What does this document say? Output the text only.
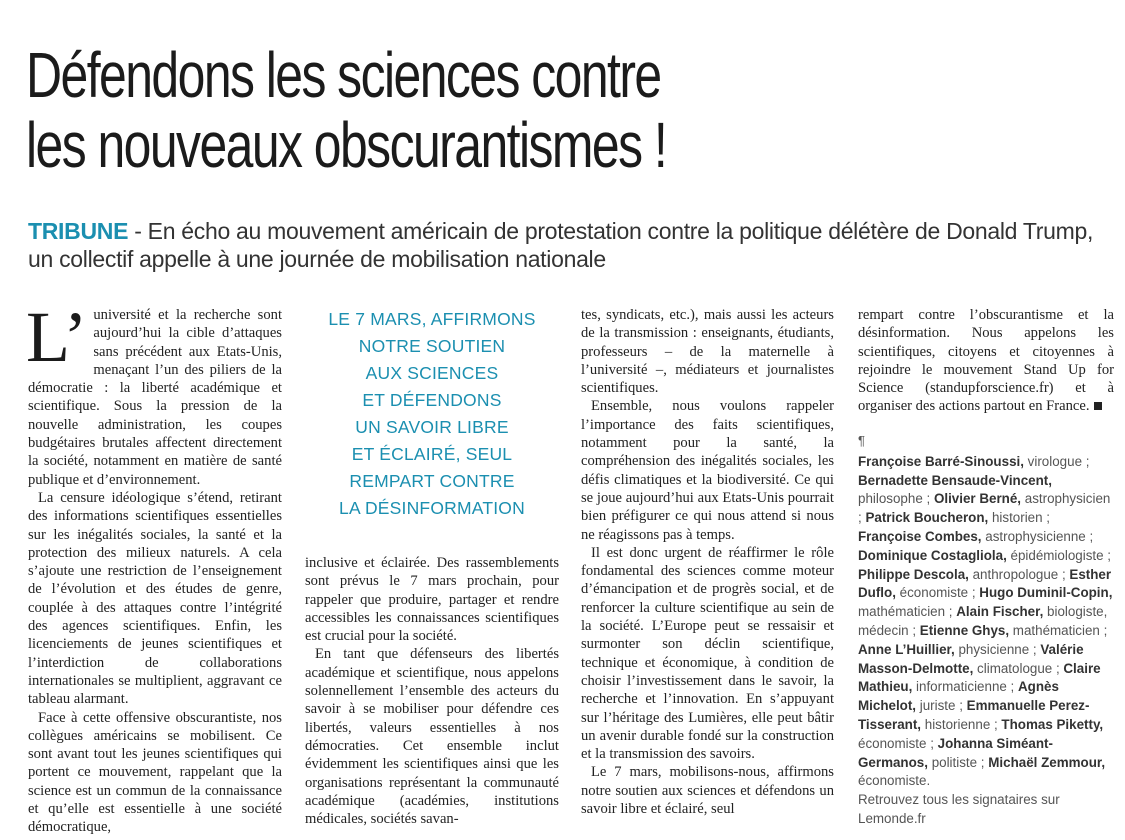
Défendons les sciences contre
les nouveaux obscurantismes !
TRIBUNE - En écho au mouvement américain de protestation contre la politique délétère de Donald Trump, un collectif appelle à une journée de mobilisation nationale
L’ université et la recherche sont aujourd’hui la cible d’attaques sans précédent aux Etats-Unis, menaçant l’un des piliers de la démocratie : la liberté académique et scientifique. Sous la pression de la nouvelle administration, les coupes budgétaires brutales affectent directement la société, notamment en matière de santé publique et d’environnement.

La censure idéologique s’étend, retirant des informations scientifiques essentielles sur les inégalités sociales, la santé et la protection des milieux naturels. A cela s’ajoute une restriction de l’enseignement de l’évolution et des études de genre, couplée à des attaques contre l’intégrité des agences scientifiques. Enfin, les licenciements de jeunes scientifiques et l’interdiction de collaborations internationales se multiplient, aggravant ce tableau alarmant.

Face à cette offensive obscurantiste, nos collègues américains se mobilisent. Ce sont avant tout les jeunes scientifiques qui portent ce mouvement, rappelant que la science est un commun de la connaissance et qu’elle est essentielle à une société démocratique,

LE 7 MARS, AFFIRMONS
NOTRE SOUTIEN
AUX SCIENCES
ET DÉFENDONS
UN SAVOIR LIBRE
ET ÉCLAIRÉ, SEUL
REMPART CONTRE
LA DÉSINFORMATION

inclusive et éclairée. Des rassemblements sont prévus le 7 mars prochain, pour rappeler que produire, partager et rendre accessibles les connaissances scientifiques est crucial pour la société.

En tant que défenseurs des libertés académique et scientifique, nous appelons solennellement l’ensemble des acteurs du savoir à se mobiliser pour défendre ces libertés, valeurs essentielles à nos démocraties. Cet ensemble inclut évidemment les scientifiques ainsi que les organisations représentant la communauté académique (académies, institutions médicales, sociétés savan-

tes, syndicats, etc.), mais aussi les acteurs de la transmission : enseignants, étudiants, professeurs – de la maternelle à l’université –, médiateurs et journalistes scientifiques.

Ensemble, nous voulons rappeler l’importance des faits scientifiques, notamment pour la santé, la compréhension des inégalités sociales, les défis climatiques et la biodiversité. Ce qui se joue aujourd’hui aux Etats-Unis pourrait bien préfigurer ce qui nous attend si nous ne réagissons pas à temps.

Il est donc urgent de réaffirmer le rôle fondamental des sciences comme moteur d’émancipation et de progrès social, et de renforcer la culture scientifique au sein de la société. L’Europe peut se ressaisir et surmonter son déclin scientifique, technique et économique, à condition de choisir l’investissement dans le savoir, la recherche et l’innovation. En s’appuyant sur l’héritage des Lumières, elle peut bâtir un avenir durable fondé sur la construction et la transmission des savoirs.

Le 7 mars, mobilisons-nous, affirmons notre soutien aux sciences et défendons un savoir libre et éclairé, seul

rempart contre l’obscurantisme et la désinformation. Nous appelons les scientifiques, citoyens et citoyennes à rejoindre le mouvement Stand Up for Science (standupforscience.fr) et à organiser des actions partout en France.

¶
Françoise Barré-Sinoussi, virologue ; Bernadette Bensaude-Vincent, philosophe ; Olivier Berné, astrophysicien ; Patrick Boucheron, historien ; Françoise Combes, astrophysicienne ; Dominique Costagliola, épidémiologiste ; Philippe Descola, anthropologue ; Esther Duflo, économiste ; Hugo Duminil-Copin, mathématicien ; Alain Fischer, biologiste, médecin ; Etienne Ghys, mathématicien ; Anne L’Huillier, physicienne ; Valérie Masson-Delmotte, climatologue ; Claire Mathieu, informaticienne ; Agnès Michelot, juriste ; Emmanuelle Perez-Tisserant, historienne ; Thomas Piketty, économiste ; Johanna Siméant-Germanos, politiste ; Michaël Zemmour, économiste.
Retrouvez tous les signataires sur Lemonde.fr
